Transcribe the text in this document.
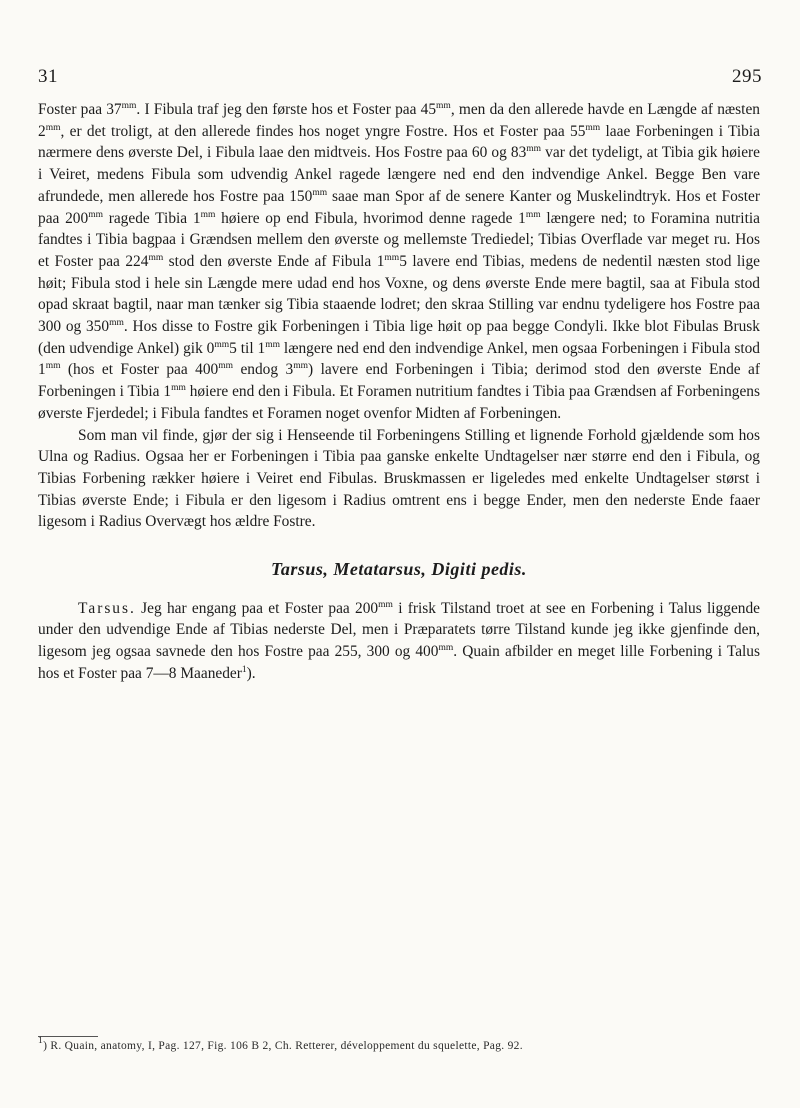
31	295

Foster paa $37^{mm}$. I Fibula traf jeg den første hos et Foster paa $45^{mm}$, men da den allerede havde en Længde af næsten $2^{mm}$, er det troligt, at den allerede findes hos noget yngre Fostre. Hos et Foster paa $55^{mm}$ laae Forbeningen i Tibia nærmere dens øverste Del, i Fibula laae den midtveis. Hos Fostre paa 60 og $83^{mm}$ var det tydeligt, at Tibia gik høiere i Veiret, medens Fibula som udvendig Ankel ragede længere ned end den indvendige Ankel. Begge Ben vare afrundede, men allerede hos Fostre paa $150^{mm}$ saae man Spor af de senere Kanter og Muskelindtryk. Hos et Foster paa $200^{mm}$ ragede Tibia $1^{mm}$ høiere op end Fibula, hvorimod denne ragede $1^{mm}$ længere ned; to Foramina nutritia fandtes i Tibia bagpaa i Grændsen mellem den øverste og mellemste Trediedel; Tibias Overflade var meget ru. Hos et Foster paa $224^{mm}$ stod den øverste Ende af Fibula $1^{mm}5$ lavere end Tibias, medens de nedentil næsten stod lige høit; Fibula stod i hele sin Længde mere udad end hos Voxne, og dens øverste Ende mere bagtil, saa at Fibula stod opad skraat bagtil, naar man tænker sig Tibia staaende lodret; den skraa Stilling var endnu tydeligere hos Fostre paa 300 og $350^{mm}$. Hos disse to Fostre gik Forbeningen i Tibia lige høit op paa begge Condyli. Ikke blot Fibulas Brusk (den udvendige Ankel) gik $0^{mm}5$ til $1^{mm}$ længere ned end den indvendige Ankel, men ogsaa Forbeningen i Fibula stod $1^{mm}$ (hos et Foster paa $400^{mm}$ endog $3^{mm}$) lavere end Forbeningen i Tibia; derimod stod den øverste Ende af Forbeningen i Tibia $1^{mm}$ høiere end den i Fibula. Et Foramen nutritium fandtes i Tibia paa Grændsen af Forbeningens øverste Fjerdedel; i Fibula fandtes et Foramen noget ovenfor Midten af Forbeningen.

Som man vil finde, gjør der sig i Henseende til Forbeningens Stilling et lignende Forhold gjældende som hos Ulna og Radius. Ogsaa her er Forbeningen i Tibia paa ganske enkelte Undtagelser nær større end den i Fibula, og Tibias Forbening rækker høiere i Veiret end Fibulas. Bruskmassen er ligeledes med enkelte Undtagelser størst i Tibias øverste Ende; i Fibula er den ligesom i Radius omtrent ens i begge Ender, men den nederste Ende faaer ligesom i Radius Overvægt hos ældre Fostre.

Tarsus, Metatarsus, Digiti pedis.

Tarsus. Jeg har engang paa et Foster paa $200^{mm}$ i frisk Tilstand troet at see en Forbening i Talus liggende under den udvendige Ende af Tibias nederste Del, men i Præparatets tørre Tilstand kunde jeg ikke gjenfinde den, ligesom jeg ogsaa savnede den hos Fostre paa 255, 300 og $400^{mm}$. Quain afbilder en meget lille Forbening i Talus hos et Foster paa 7—8 Maaneder$^1$).

$^1$) R. Quain, anatomy, I, Pag. 127, Fig. 106 B 2, Ch. Retterer, développement du squelette, Pag. 92.
